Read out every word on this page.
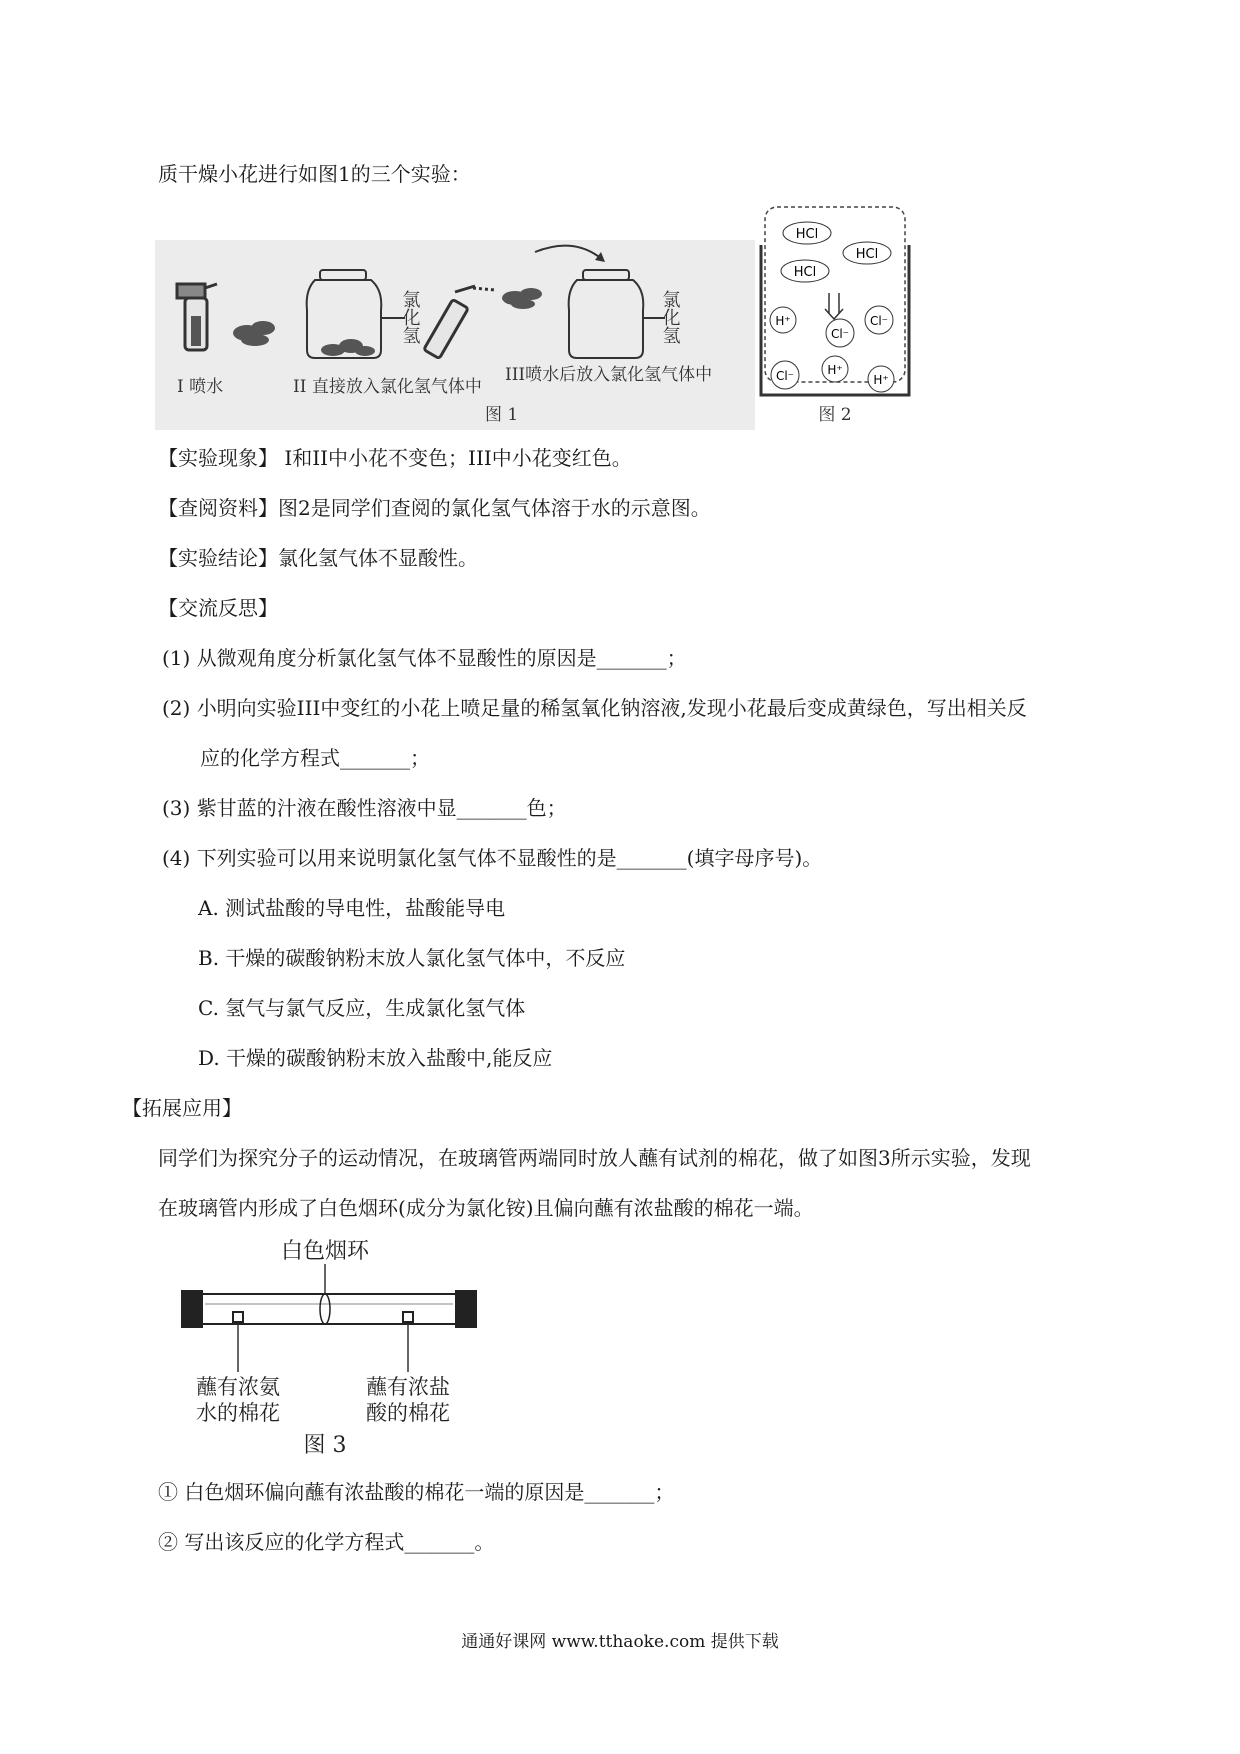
质干燥小花进行如图1的三个实验：
氯化氢	氯化氢
I 喷水	II 直接放入氯化氢气体中
III喷水后放入氯化氢气体中
图 1
HCl
HCl
HCl
H⁺
Cl⁻
Cl⁻
H⁺
Cl⁻	H⁺
图 2
【实验现象】 I和II中小花不变色；III中小花变红色。
【查阅资料】图2是同学们查阅的氯化氢气体溶于水的示意图。
【实验结论】氯化氢气体不显酸性。
【交流反思】
(1) 从微观角度分析氯化氢气体不显酸性的原因是_______；
(2) 小明向实验III中变红的小花上喷足量的稀氢氧化钠溶液,发现小花最后变成黄绿色，写出相关反
应的化学方程式_______；
(3) 紫甘蓝的汁液在酸性溶液中显_______色；
(4) 下列实验可以用来说明氯化氢气体不显酸性的是_______(填字母序号)。
A. 测试盐酸的导电性，盐酸能导电
B. 干燥的碳酸钠粉末放人氯化氢气体中，不反应
C. 氢气与氯气反应，生成氯化氢气体
D. 干燥的碳酸钠粉末放入盐酸中,能反应
【拓展应用】
同学们为探究分子的运动情况，在玻璃管两端同时放人蘸有试剂的棉花，做了如图3所示实验，发现
在玻璃管内形成了白色烟环(成分为氯化铵)且偏向蘸有浓盐酸的棉花一端。
白色烟环
蘸有浓氨
水的棉花
蘸有浓盐
酸的棉花
图 3
① 白色烟环偏向蘸有浓盐酸的棉花一端的原因是_______；
② 写出该反应的化学方程式_______。
通通好课网 www.tthaoke.com 提供下载
